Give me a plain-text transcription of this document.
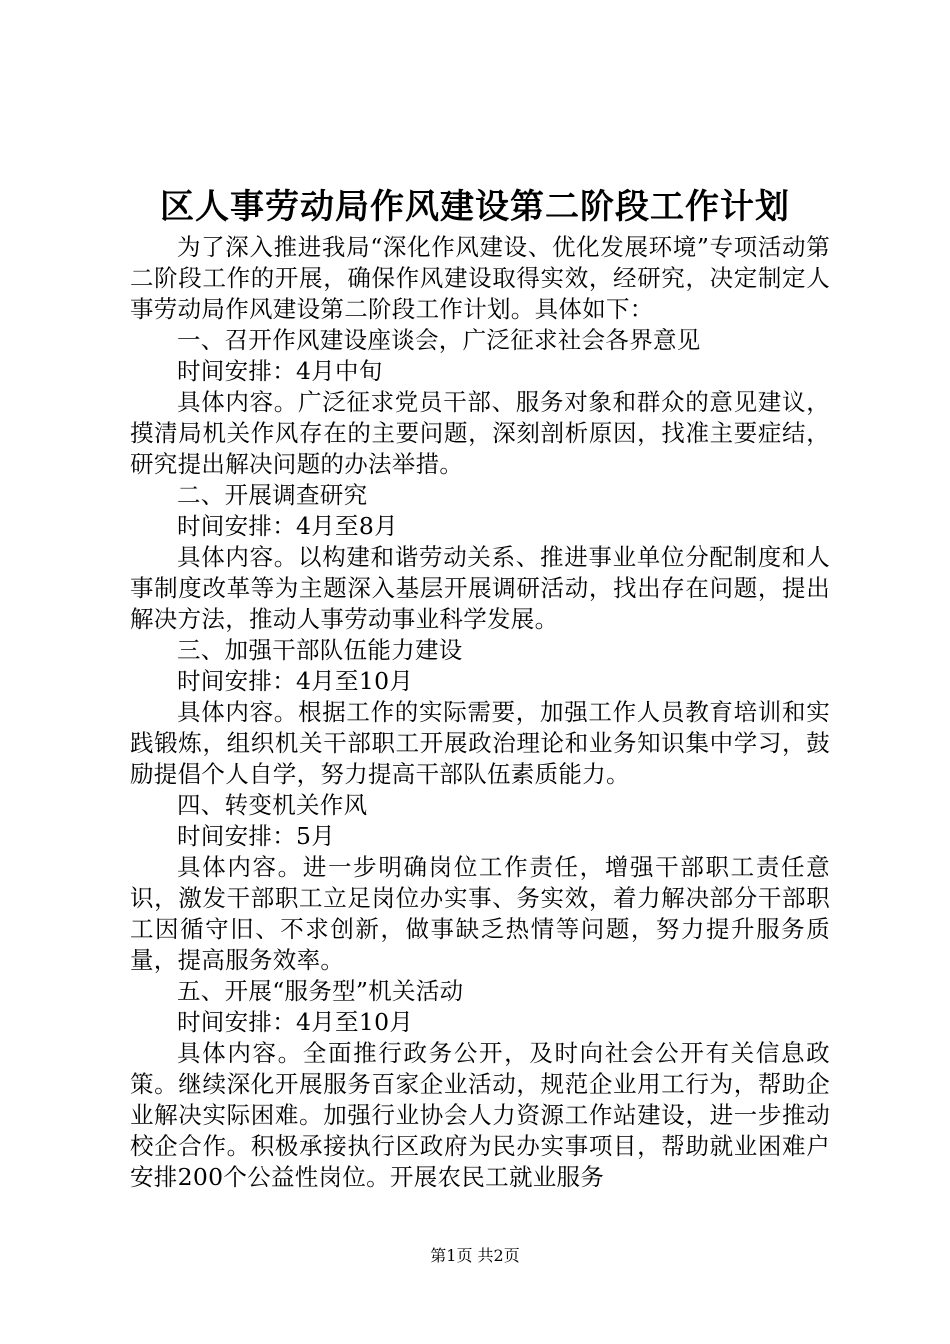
区人事劳动局作风建设第二阶段工作计划

为了深入推进我局“深化作风建设、优化发展环境”专项活动第二阶段工作的开展，确保作风建设取得实效，经研究，决定制定人事劳动局作风建设第二阶段工作计划。具体如下：

一、召开作风建设座谈会，广泛征求社会各界意见

时间安排：4月中旬

具体内容。广泛征求党员干部、服务对象和群众的意见建议，摸清局机关作风存在的主要问题，深刻剖析原因，找准主要症结，研究提出解决问题的办法举措。

二、开展调查研究

时间安排：4月至8月

具体内容。以构建和谐劳动关系、推进事业单位分配制度和人事制度改革等为主题深入基层开展调研活动，找出存在问题，提出解决方法，推动人事劳动事业科学发展。

三、加强干部队伍能力建设

时间安排：4月至10月

具体内容。根据工作的实际需要，加强工作人员教育培训和实践锻炼，组织机关干部职工开展政治理论和业务知识集中学习，鼓励提倡个人自学，努力提高干部队伍素质能力。

四、转变机关作风

时间安排：5月

具体内容。进一步明确岗位工作责任，增强干部职工责任意识，激发干部职工立足岗位办实事、务实效，着力解决部分干部职工因循守旧、不求创新，做事缺乏热情等问题，努力提升服务质量，提高服务效率。

五、开展“服务型”机关活动

时间安排：4月至10月

具体内容。全面推行政务公开，及时向社会公开有关信息政策。继续深化开展服务百家企业活动，规范企业用工行为，帮助企业解决实际困难。加强行业协会人力资源工作站建设，进一步推动校企合作。积极承接执行区政府为民办实事项目，帮助就业困难户安排200个公益性岗位。开展农民工就业服务

第1页 共2页
